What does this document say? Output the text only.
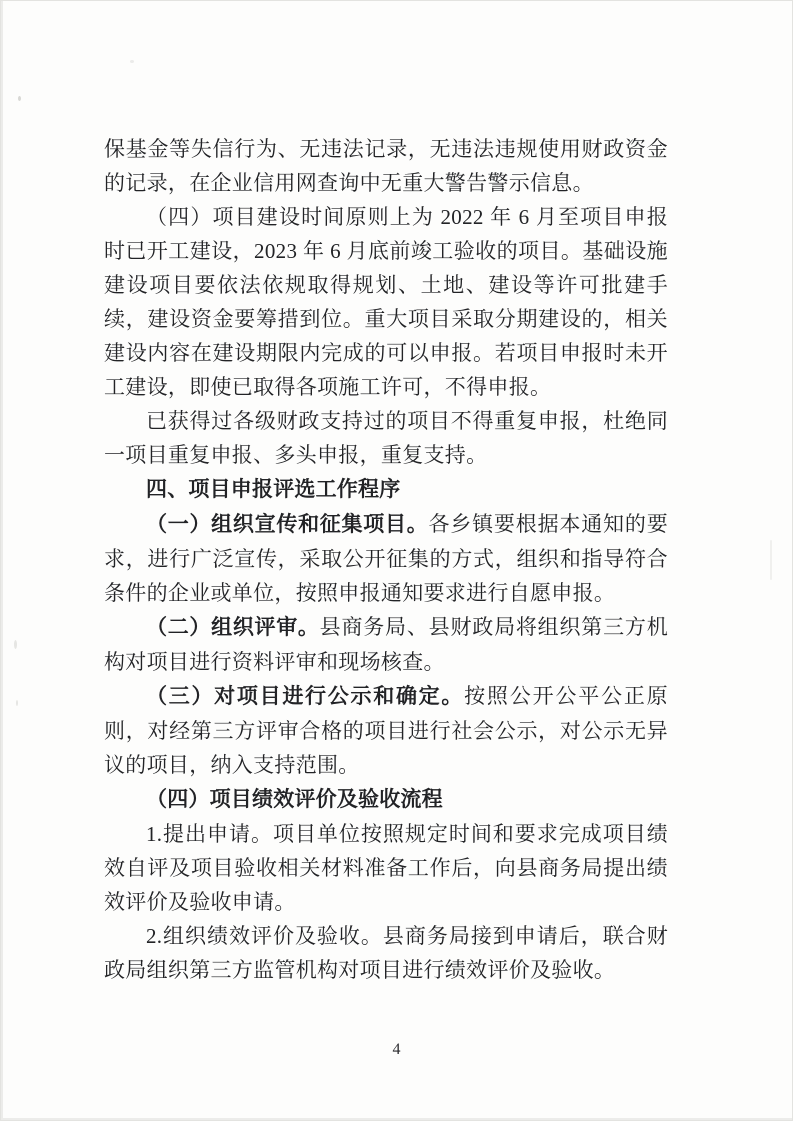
保基金等失信行为、无违法记录，无违法违规使用财政资金的记录，在企业信用网查询中无重大警告警示信息。

（四）项目建设时间原则上为 2022 年 6 月至项目申报时已开工建设，2023 年 6 月底前竣工验收的项目。基础设施建设项目要依法依规取得规划、土地、建设等许可批建手续，建设资金要筹措到位。重大项目采取分期建设的，相关建设内容在建设期限内完成的可以申报。若项目申报时未开工建设，即使已取得各项施工许可，不得申报。

已获得过各级财政支持过的项目不得重复申报，杜绝同一项目重复申报、多头申报，重复支持。

四、项目申报评选工作程序

（一）组织宣传和征集项目。各乡镇要根据本通知的要求，进行广泛宣传，采取公开征集的方式，组织和指导符合条件的企业或单位，按照申报通知要求进行自愿申报。

（二）组织评审。县商务局、县财政局将组织第三方机构对项目进行资料评审和现场核查。

（三）对项目进行公示和确定。按照公开公平公正原则，对经第三方评审合格的项目进行社会公示，对公示无异议的项目，纳入支持范围。

（四）项目绩效评价及验收流程

1.提出申请。项目单位按照规定时间和要求完成项目绩效自评及项目验收相关材料准备工作后，向县商务局提出绩效评价及验收申请。

2.组织绩效评价及验收。县商务局接到申请后，联合财政局组织第三方监管机构对项目进行绩效评价及验收。

4
